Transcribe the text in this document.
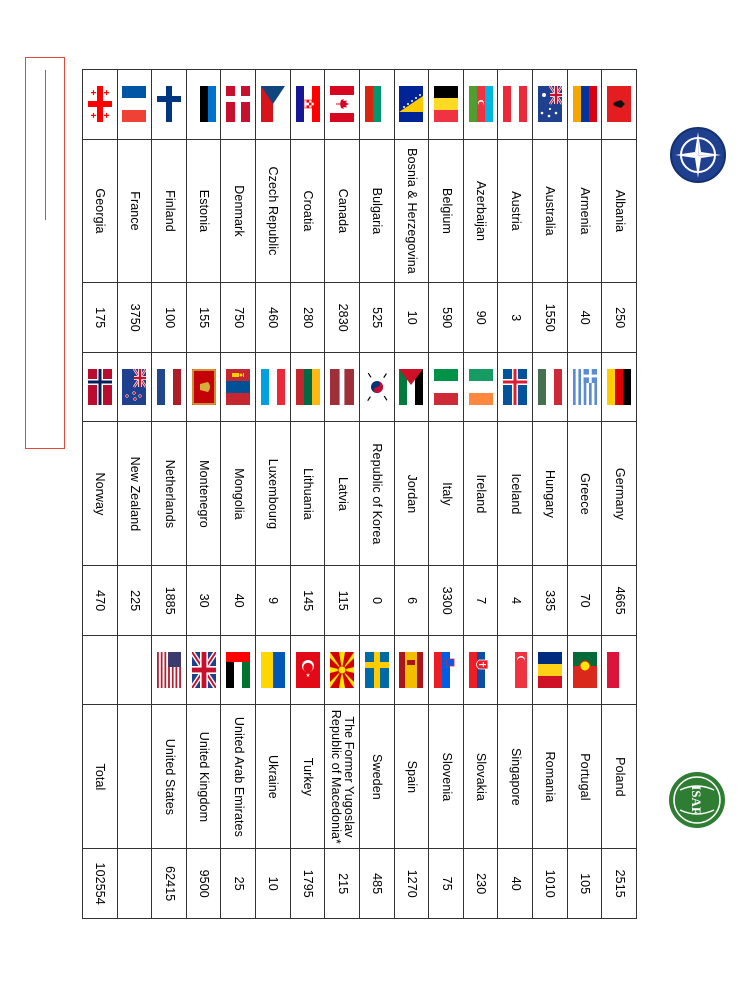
ISAF
	Albania	250		Germany	4665		Poland	2515

	Armenia	40		Greece	70		Portugal	105

	Australia	1550		Hungary	335		Romania	1010

	Austria	3		Iceland	4		Singapore	40

	Azerbaijan	90		Ireland	7		Slovakia	230

	Belgium	590		Italy	3300		Slovenia	75

	Bosnia & Herzegovina	10		Jordan	6		Spain	1270

	Bulgaria	525		Republic of Korea	0		Sweden	485

	Canada	2830		Latvia	115		The Former Yugoslav Republic of Macedonia*	215

	Croatia	280		Lithuania	145		Turkey	1795

	Czech Republic	460		Luxembourg	9		Ukraine	10

	Denmark	750		Mongolia	40		United Arab Emirates	25

	Estonia	155		Montenegro	30		United Kingdom	9500

	Finland	100		Netherlands	1885		United States	62415

	France	3750		New Zealand	225			

	Georgia	175		Norway	470		Total	102554
